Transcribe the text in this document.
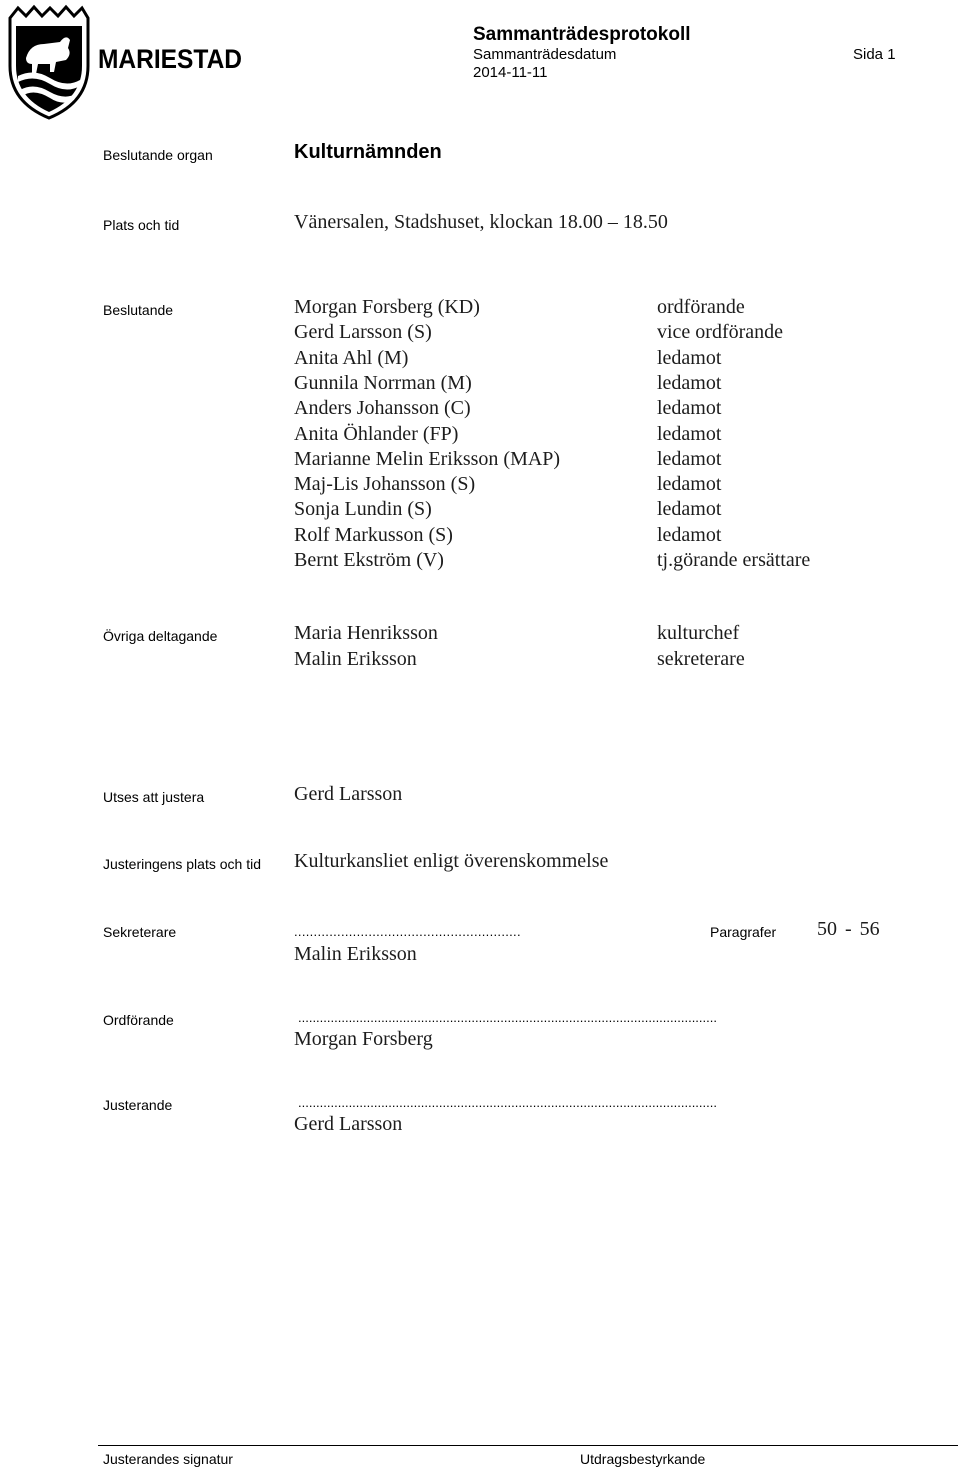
MARIESTAD
Sammanträdesprotokoll
Sammanträdesdatum	Sida 1
2014-11-11
Beslutande organ	Kulturnämnden
Plats och tid	Vänersalen, Stadshuset, klockan 18.00 – 18.50
Beslutande	Morgan Forsberg (KD)	ordförande
Gerd Larsson (S)	vice ordförande
Anita Ahl (M)	ledamot
Gunnila Norrman (M)	ledamot
Anders Johansson (C)	ledamot
Anita Öhlander (FP)	ledamot
Marianne Melin Eriksson (MAP)	ledamot
Maj-Lis Johansson (S)	ledamot
Sonja Lundin (S)	ledamot
Rolf Markusson (S)	ledamot
Bernt Ekström (V)	tj.görande ersättare
Övriga deltagande	Maria Henriksson	kulturchef
Malin Eriksson	sekreterare
Utses att justera	Gerd Larsson
Justeringens plats och tid Kulturkansliet enligt överenskommelse
Sekreterare	..........................................................	Paragrafer 50 - 56
Malin Eriksson
Ordförande	....................................................................................................................
Morgan Forsberg
Justerande	....................................................................................................................
Gerd Larsson
Justerandes signatur	Utdragsbestyrkande
